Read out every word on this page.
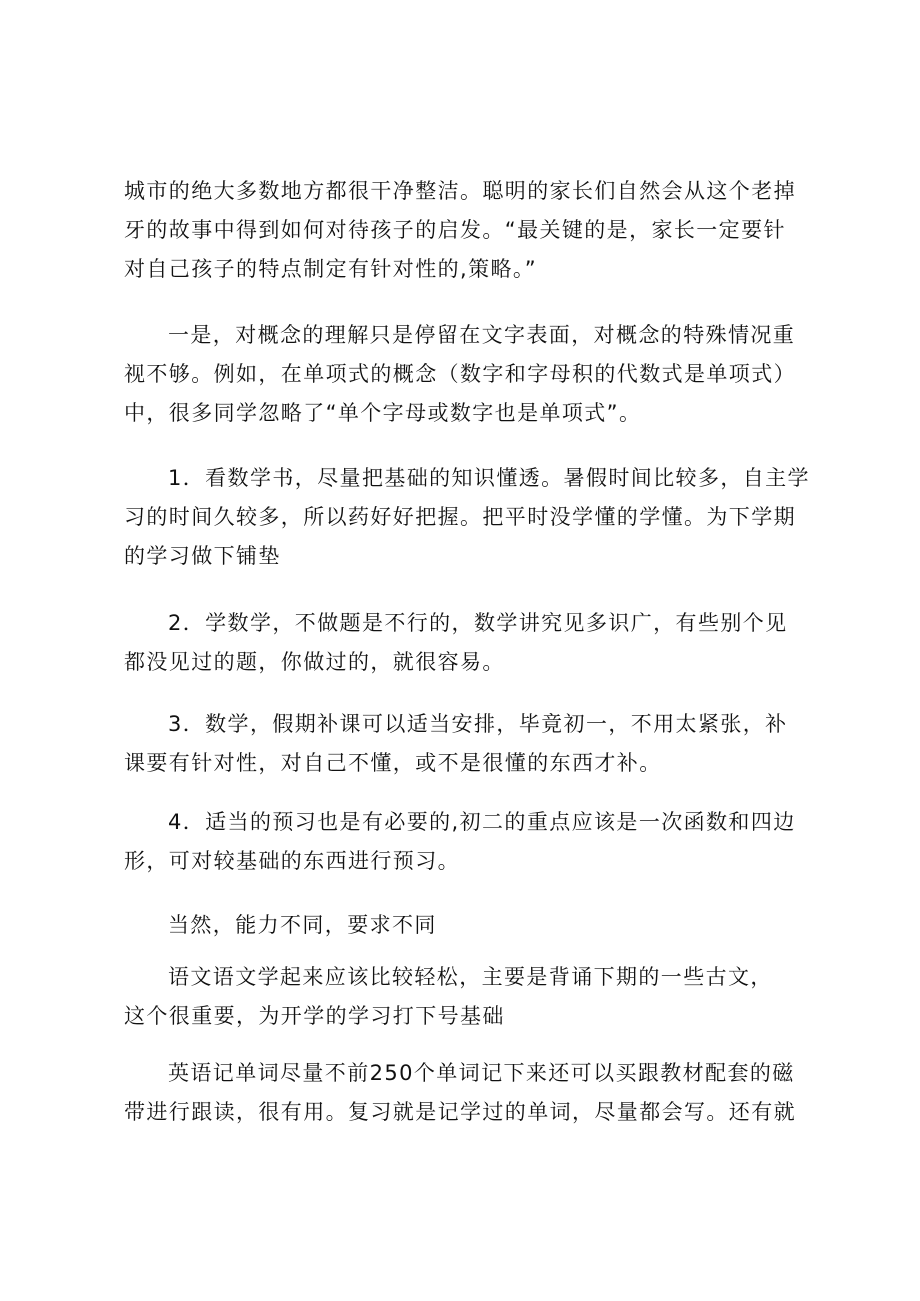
城市的绝大多数地方都很干净整洁。聪明的家长们自然会从这个老掉
牙的故事中得到如何对待孩子的启发。“最关键的是，家长一定要针
对自己孩子的特点制定有针对性的,策略。”

一是，对概念的理解只是停留在文字表面，对概念的特殊情况重
视不够。例如，在单项式的概念（数字和字母积的代数式是单项式）
中，很多同学忽略了“单个字母或数字也是单项式”。

1．看数学书，尽量把基础的知识懂透。暑假时间比较多，自主学
习的时间久较多，所以药好好把握。把平时没学懂的学懂。为下学期
的学习做下铺垫

2．学数学，不做题是不行的，数学讲究见多识广，有些别个见
都没见过的题，你做过的，就很容易。

3．数学，假期补课可以适当安排，毕竟初一，不用太紧张，补
课要有针对性，对自己不懂，或不是很懂的东西才补。

4．适当的预习也是有必要的,初二的重点应该是一次函数和四边
形，可对较基础的东西进行预习。

当然，能力不同，要求不同

语文语文学起来应该比较轻松，主要是背诵下期的一些古文，
这个很重要，为开学的学习打下号基础

英语记单词尽量不前250个单词记下来还可以买跟教材配套的磁
带进行跟读，很有用。复习就是记学过的单词，尽量都会写。还有就
